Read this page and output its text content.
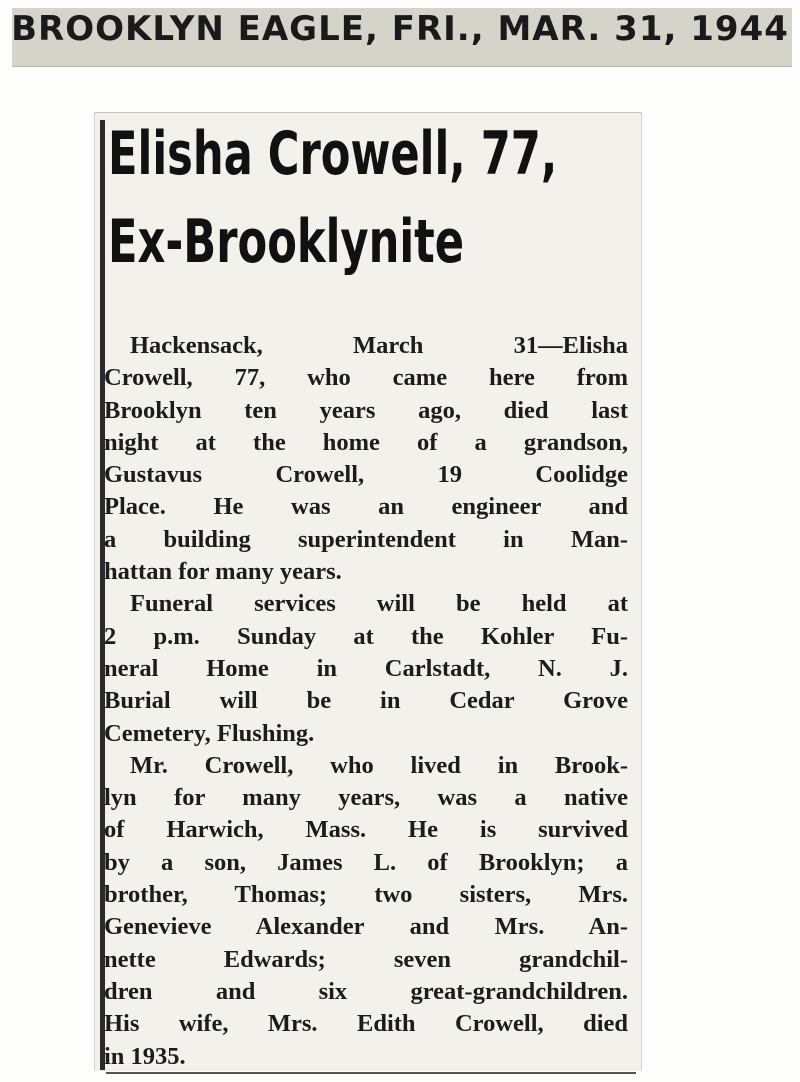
BROOKLYN EAGLE, FRI., MAR. 31, 1944
Elisha Crowell, 77,
Ex-Brooklynite
Hackensack, March 31—Elisha
Crowell, 77, who came here from
Brooklyn ten years ago, died last
night at the home of a grandson,
Gustavus Crowell, 19 Coolidge
Place. He was an engineer and
a building superintendent in Man-
hattan for many years.
Funeral services will be held at
2 p.m. Sunday at the Kohler Fu-
neral Home in Carlstadt, N. J.
Burial will be in Cedar Grove
Cemetery, Flushing.
Mr. Crowell, who lived in Brook-
lyn for many years, was a native
of Harwich, Mass. He is survived
by a son, James L. of Brooklyn; a
brother, Thomas; two sisters, Mrs.
Genevieve Alexander and Mrs. An-
nette Edwards; seven grandchil-
dren and six great-grandchildren.
His wife, Mrs. Edith Crowell, died
in 1935.
